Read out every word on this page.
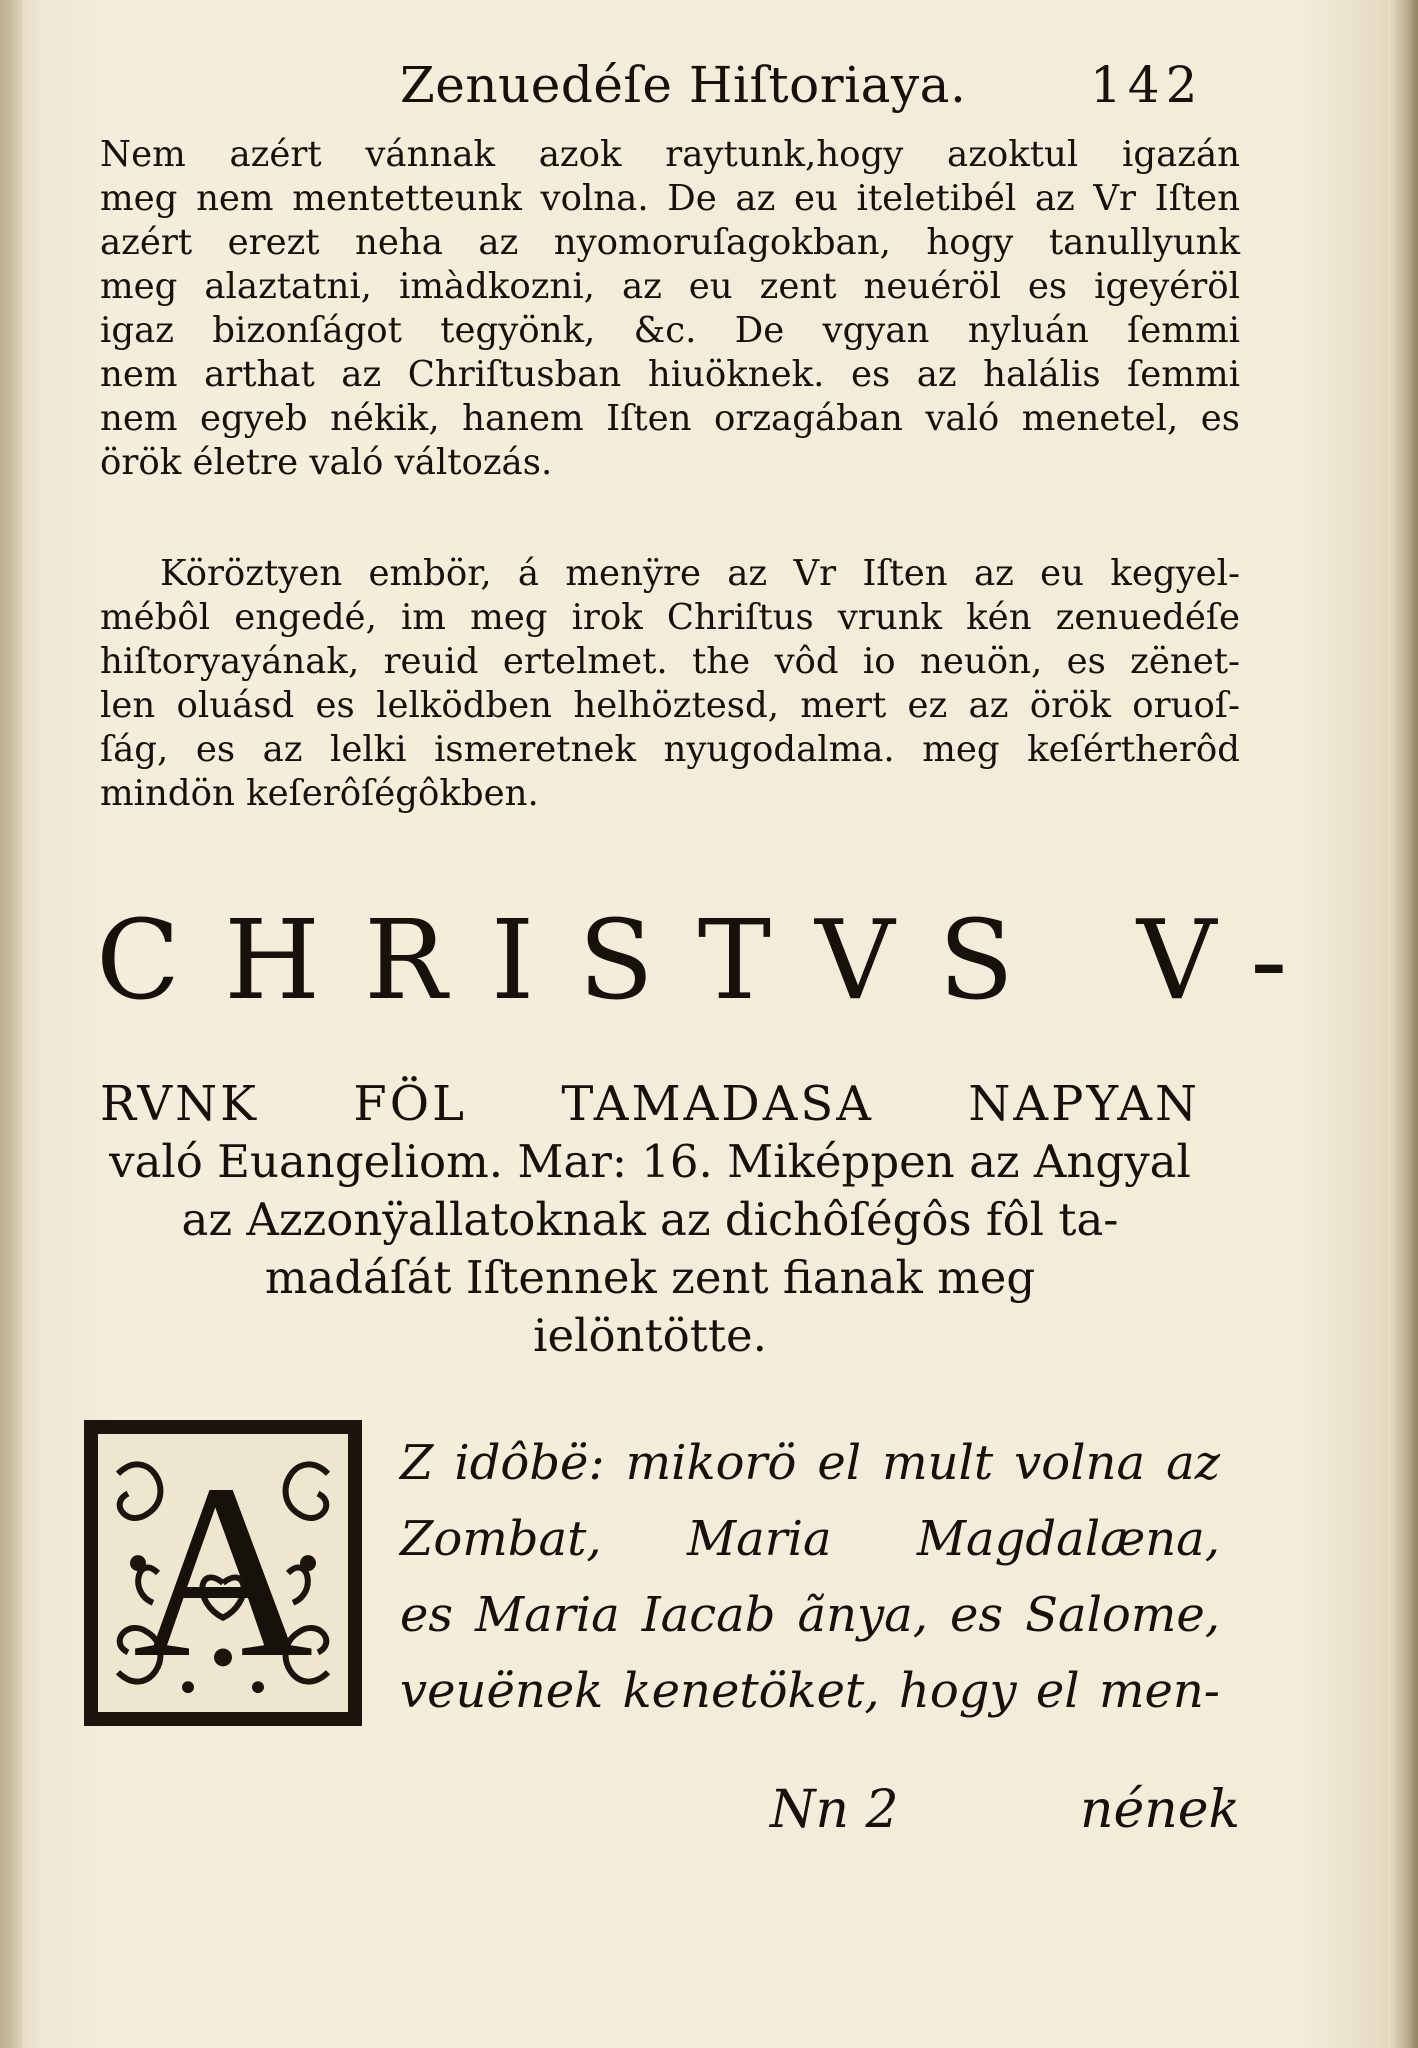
Zenuedéſe Hiſtoriaya. 142
Nem azért vánnak azok raytunk,hogy azoktul igazán
meg nem mentetteunk volna. De az eu iteletibél az Vr Iſten
azért erezt neha az nyomoruſagokban, hogy tanullyunk
meg alaztatni, imàdkozni, az eu zent neuéröl es igeyéröl
igaz bizonſágot tegyönk, &c. De vgyan nyluán ſemmi
nem arthat az Chriſtusban hiuöknek. es az halális ſemmi
nem egyeb nékik, hanem Iſten orzagában való menetel, es
örök életre való változás.
Köröztyen embör, á menÿre az Vr Iſten az eu kegyel-
mébôl engedé, im meg irok Chriſtus vrunk kén zenuedéſe
hiſtoryayának, reuid ertelmet. the vôd io neuön, es zënet-
len oluásd es lelködben helhöztesd, mert ez az örök oruoſ-
ſág, es az lelki ismeretnek nyugodalma. meg keſértherôd
mindön keſerôſégôkben.
CHRISTVS V-
RVNK FÖL TAMADASA NAPYAN
való Euangeliom. Mar: 16. Miképpen az Angyal
az Azzonÿallatoknak az dichôſégôs fôl ta-
madáſát Iſtennek zent fianak meg
ielöntötte.
A	Z idôbë: mikorö el mult volna az
Zombat, Maria Magdalæna,
es Maria Iacab ãnya, es Salome,
veuënek kenetöket, hogy el men-
Nn 2	nének
